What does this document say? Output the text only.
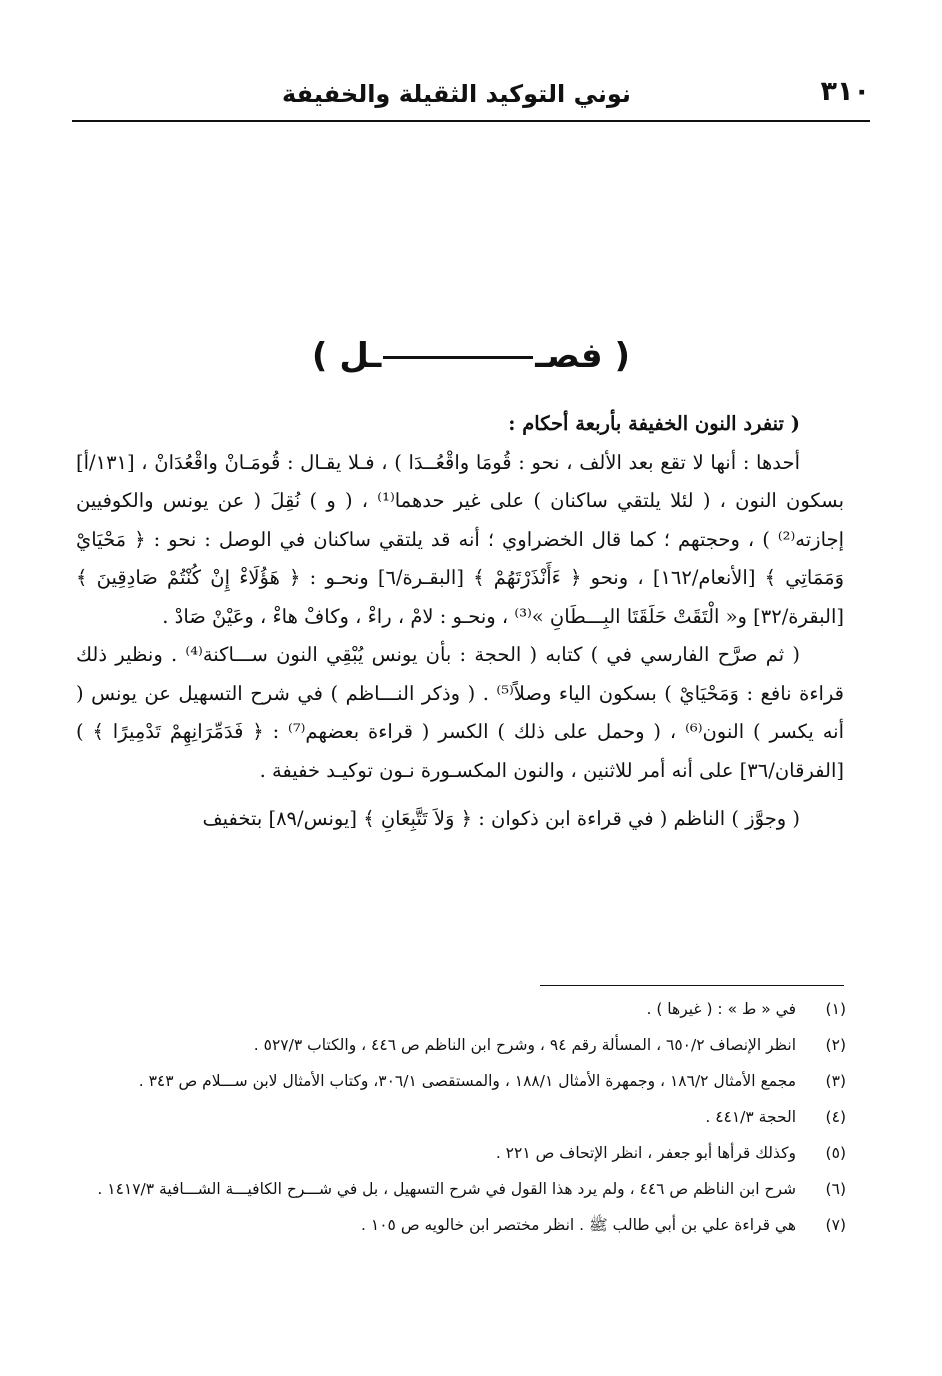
٣١٠
نوني التوكيد الثقيلة والخفيفة
( فصــل )

( تنفرد النون الخفيفة بأربعة أحكام :

أحدها : أنها لا تقع بعد الألف ، نحو : قُومَا واقْعُــدَا ) ، فـلا يقـال : قُومَـانْ واقْعُدَانْ ، [١٣١/أ] بسكون النون ، ( لئلا يلتقي ساكنان ) على غير حدهما⁽¹⁾ ، ( و ) نُقِلَ ( عن يونس والكوفيين إجازته⁽²⁾ ) ، وحجتهم ؛ كما قال الخضراوي ؛ أنه قد يلتقي ساكنان في الوصل : نحو : ﴿ مَحْيَايْ وَمَمَاتِي ﴾ [الأنعام/١٦٢] ، ونحو ﴿ ءَأَنْذَرْتَهُمْ ﴾ [البقـرة/٦] ونحـو : ﴿ هَؤُلَاءْ إِنْ كُنْتُمْ صَادِقِينَ ﴾ [البقرة/٣٢] و« الْتَقَتْ حَلَقَتَا البِـــطَانِ »⁽³⁾ ، ونحـو : لامْ ، راءْ ، وكافْ هاءْ ، وعَيْنْ صَادْ .

( ثم صرَّح الفارسي في ) كتابه ( الحجة : بأن يونس يُبْقِي النون ســـاكنة⁽⁴⁾ . ونظير ذلك قراءة نافع : وَمَحْيَايْ ) بسكون الياء وصلاً⁽⁵⁾ . ( وذكر النـــاظم ) في شرح التسهيل عن يونس ( أنه يكسر ) النون⁽⁶⁾ ، ( وحمل على ذلك ) الكسر ( قراءة بعضهم⁽⁷⁾ : ﴿ فَدَمِّرَانِهِمْ تَدْمِيرًا ﴾ ) [الفرقان/٣٦] على أنه أمر للاثنين ، والنون المكسـورة نـون توكيـد خفيفة .

( وجوَّز ) الناظم ( في قراءة ابن ذكوان : ﴿ وَلاَ تَتَّبِعَانِ ﴾ [يونس/٨٩] بتخفيف

(١)
في « ط » : ( غيرها ) .
(٢)
انظر الإنصاف ٦٥٠/٢ ، المسألة رقم ٩٤ ، وشرح ابن الناظم ص ٤٤٦ ، والكتاب ٥٢٧/٣ .
(٣)
مجمع الأمثال ١٨٦/٢ ، وجمهرة الأمثال ١٨٨/١ ، والمستقصى ٣٠٦/١، وكتاب الأمثال لابن ســـلام ص ٣٤٣ .
(٤)
الحجة ٤٤١/٣ .
(٥)
وكذلك قرأها أبو جعفر ، انظر الإتحاف ص ٢٢١ .
(٦)
شرح ابن الناظم ص ٤٤٦ ، ولم يرد هذا القول في شرح التسهيل ، بل في شـــرح الكافيـــة الشـــافية ١٤١٧/٣ .
(٧)
هي قراءة علي بن أبي طالب ﷺ . انظر مختصر ابن خالويه ص ١٠٥ .
